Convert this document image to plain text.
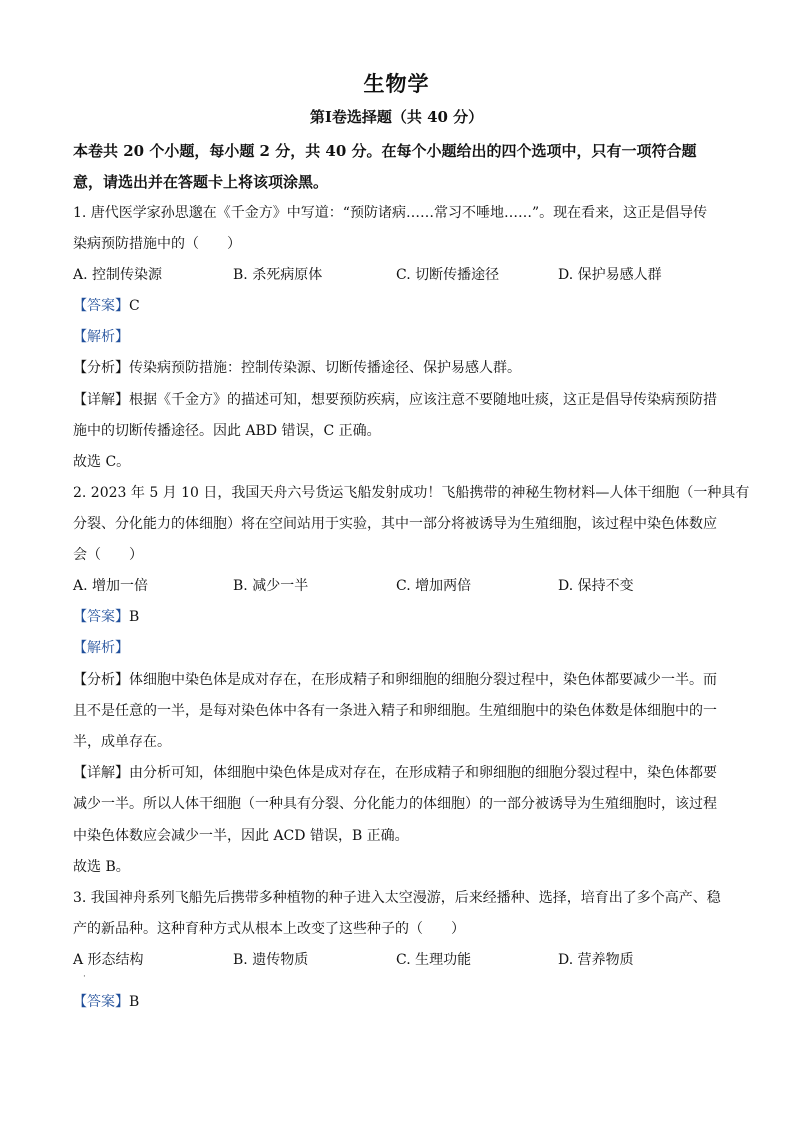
生物学
第Ⅰ卷选择题（共 40 分）
本卷共 20 个小题，每小题 2 分，共 40 分。在每个小题给出的四个选项中，只有一项符合题
意，请选出并在答题卡上将该项涂黑。
1. 唐代医学家孙思邈在《千金方》中写道：“预防诸病……常习不唾地……”。现在看来，这正是倡导传
染病预防措施中的（　　）
A. 控制传染源	B. 杀死病原体	C. 切断传播途径	D. 保护易感人群
【答案】C
【解析】
【分析】传染病预防措施：控制传染源、切断传播途径、保护易感人群。
【详解】根据《千金方》的描述可知，想要预防疾病，应该注意不要随地吐痰，这正是倡导传染病预防措
施中的切断传播途径。因此 ABD 错误，C 正确。
故选 C。
2. 2023 年 5 月 10 日，我国天舟六号货运飞船发射成功！飞船携带的神秘生物材料—人体干细胞（一种具有
分裂、分化能力的体细胞）将在空间站用于实验，其中一部分将被诱导为生殖细胞，该过程中染色体数应
会（　　）
A. 增加一倍	B. 减少一半	C. 增加两倍	D. 保持不变
【答案】B
【解析】
【分析】体细胞中染色体是成对存在，在形成精子和卵细胞的细胞分裂过程中，染色体都要减少一半。而
且不是任意的一半，是每对染色体中各有一条进入精子和卵细胞。生殖细胞中的染色体数是体细胞中的一
半，成单存在。
【详解】由分析可知，体细胞中染色体是成对存在，在形成精子和卵细胞的细胞分裂过程中，染色体都要
减少一半。所以人体干细胞（一种具有分裂、分化能力的体细胞）的一部分被诱导为生殖细胞时，该过程
中染色体数应会减少一半，因此 ACD 错误，B 正确。
故选 B。
3. 我国神舟系列飞船先后携带多种植物的种子进入太空漫游，后来经播种、选择，培育出了多个高产、稳
产的新品种。这种育种方式从根本上改变了这些种子的（　　）
A 形态结构	B. 遗传物质	C. 生理功能	D. 营养物质
·
【答案】B
